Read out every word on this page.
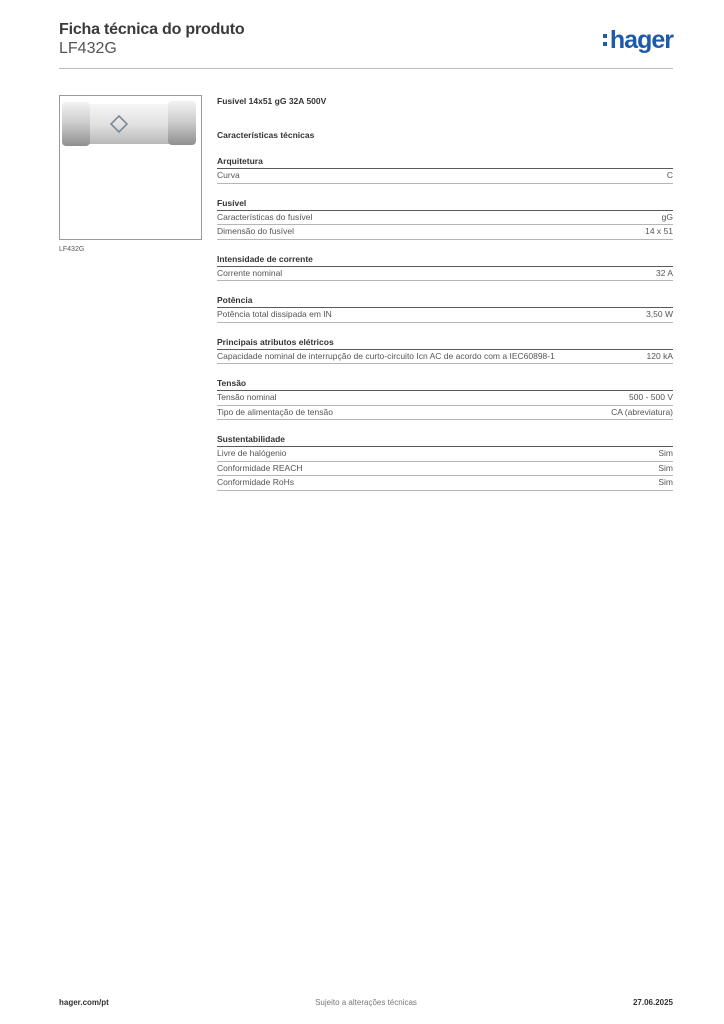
Ficha técnica do produto
LF432G	hager
LF432G
Fusível 14x51 gG 32A 500V
Características técnicas
Arquitetura
Curva	C
Fusível
Características do fusível	gG
Dimensão do fusível	14 x 51
Intensidade de corrente
Corrente nominal	32 A
Potência
Potência total dissipada em IN	3,50 W
Principais atributos elétricos
Capacidade nominal de interrupção de curto-circuito Icn AC de acordo com a IEC60898-1	120 kA
Tensão
Tensão nominal	500 - 500 V
Tipo de alimentação de tensão	CA (abreviatura)
Sustentabilidade
Livre de halógenio	Sim
Conformidade REACH	Sim
Conformidade RoHs	Sim
hager.com/pt	Sujeito a alterações técnicas	27.06.2025
